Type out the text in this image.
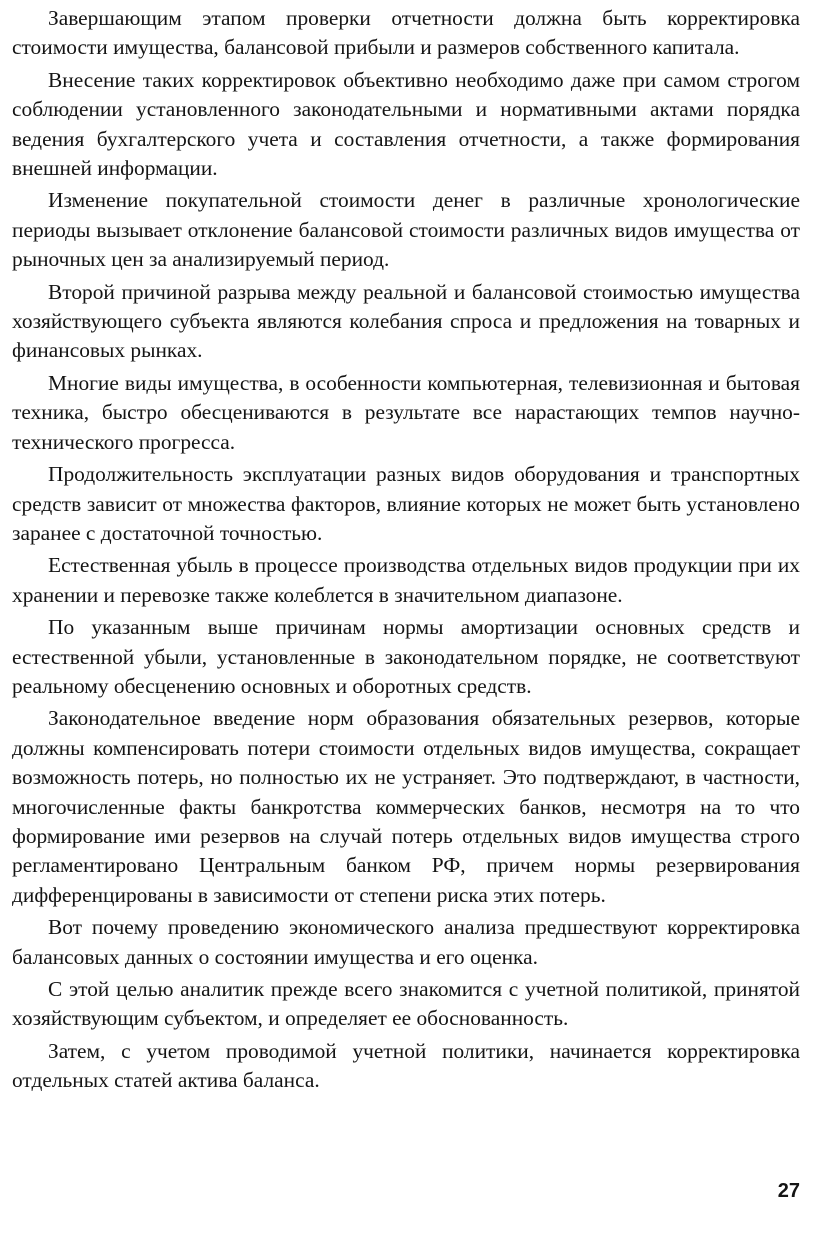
Завершающим этапом проверки отчетности должна быть корректировка стоимости имущества, балансовой прибыли и размеров собственного капитала.

Внесение таких корректировок объективно необходимо даже при самом строгом соблюдении установленного законодательными и нормативными актами порядка ведения бухгалтерского учета и составления отчетности, а также формирования внешней информации.

Изменение покупательной стоимости денег в различные хронологические периоды вызывает отклонение балансовой стоимости различных видов имущества от рыночных цен за анализируемый период.

Второй причиной разрыва между реальной и балансовой стоимостью имущества хозяйствующего субъекта являются колебания спроса и предложения на товарных и финансовых рынках.

Многие виды имущества, в особенности компьютерная, телевизионная и бытовая техника, быстро обесцениваются в результате все нарастающих темпов научно-технического прогресса.

Продолжительность эксплуатации разных видов оборудования и транспортных средств зависит от множества факторов, влияние которых не может быть установлено заранее с достаточной точностью.

Естественная убыль в процессе производства отдельных видов продукции при их хранении и перевозке также колеблется в значительном диапазоне.

По указанным выше причинам нормы амортизации основных средств и естественной убыли, установленные в законодательном порядке, не соответствуют реальному обесценению основных и оборотных средств.

Законодательное введение норм образования обязательных резервов, которые должны компенсировать потери стоимости отдельных видов имущества, сокращает возможность потерь, но полностью их не устраняет. Это подтверждают, в частности, многочисленные факты банкротства коммерческих банков, несмотря на то что формирование ими резервов на случай потерь отдельных видов имущества строго регламентировано Центральным банком РФ, причем нормы резервирования дифференцированы в зависимости от степени риска этих потерь.

Вот почему проведению экономического анализа предшествуют корректировка балансовых данных о состоянии имущества и его оценка.

С этой целью аналитик прежде всего знакомится с учетной политикой, принятой хозяйствующим субъектом, и определяет ее обоснованность.

Затем, с учетом проводимой учетной политики, начинается корректировка отдельных статей актива баланса.

27
